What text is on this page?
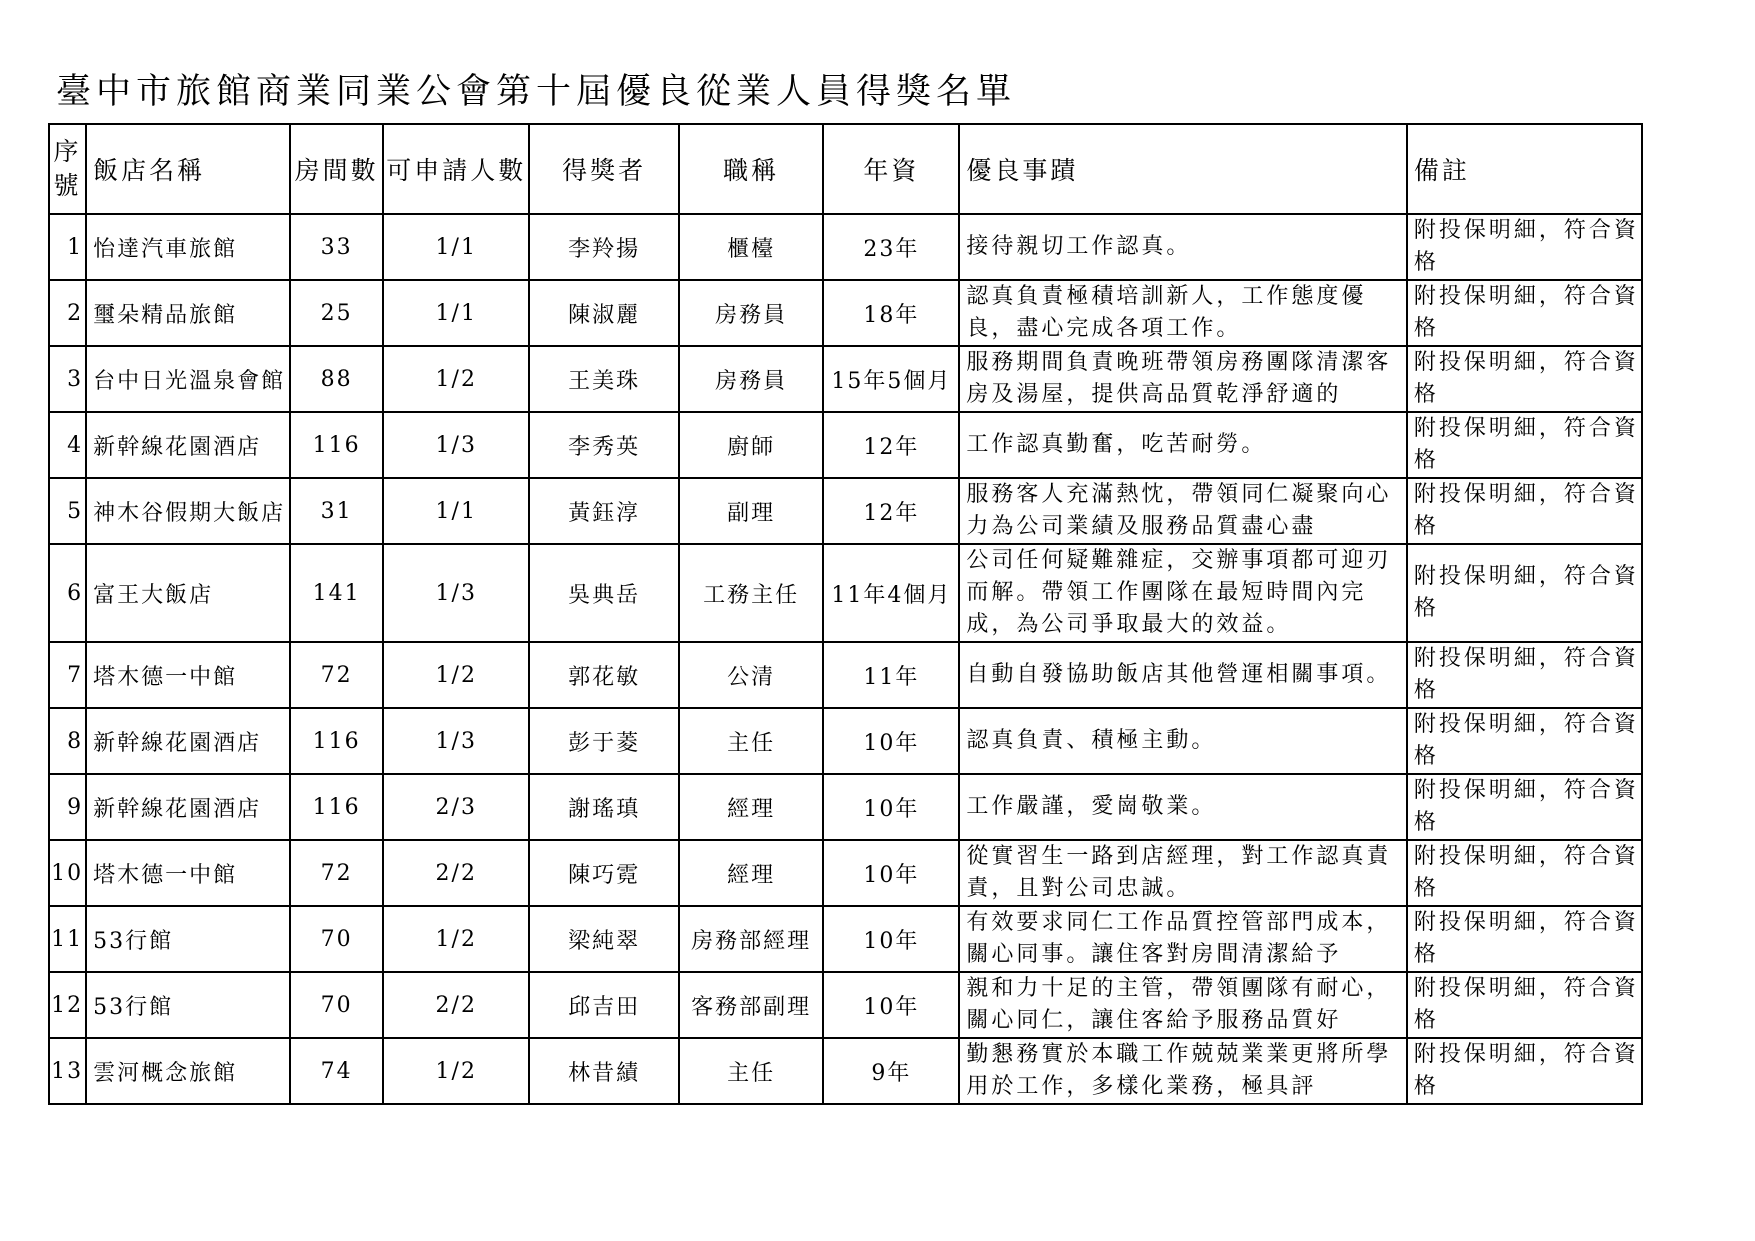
臺中市旅館商業同業公會第十屆優良從業人員得獎名單
序號	飯店名稱	房間數	可申請人數	得獎者	職稱	年資	優良事蹟	備註
1	怡達汽車旅館	33	1/1	李羚揚	櫃檯	23年	接待親切工作認真。	附投保明細，符合資格

2	璽朵精品旅館	25	1/1	陳淑麗	房務員	18年	認真負責極積培訓新人，工作態度優良，盡心完成各項工作。	附投保明細，符合資格

3	台中日光溫泉會館	88	1/2	王美珠	房務員	15年5個月	服務期間負責晚班帶領房務團隊清潔客房及湯屋，提供高品質乾淨舒適的	附投保明細，符合資格

4	新幹線花園酒店	116	1/3	李秀英	廚師	12年	工作認真勤奮，吃苦耐勞。	附投保明細，符合資格

5	神木谷假期大飯店	31	1/1	黃鈺淳	副理	12年	服務客人充滿熱忱，帶領同仁凝聚向心力為公司業績及服務品質盡心盡	附投保明細，符合資格

6	富王大飯店	141	1/3	吳典岳	工務主任	11年4個月	公司任何疑難雜症，交辦事項都可迎刃而解。帶領工作團隊在最短時間內完成，為公司爭取最大的效益。	附投保明細，符合資格

7	塔木德一中館	72	1/2	郭花敏	公清	11年	自動自發協助飯店其他營運相關事項。	附投保明細，符合資格

8	新幹線花園酒店	116	1/3	彭于菱	主任	10年	認真負責、積極主動。	附投保明細，符合資格

9	新幹線花園酒店	116	2/3	謝瑤瑱	經理	10年	工作嚴謹，愛崗敬業。	附投保明細，符合資格

10	塔木德一中館	72	2/2	陳巧霓	經理	10年	從實習生一路到店經理，對工作認真責責，且對公司忠誠。	附投保明細，符合資格

11	53行館	70	1/2	梁純翠	房務部經理	10年	有效要求同仁工作品質控管部門成本，關心同事。讓住客對房間清潔給予	附投保明細，符合資格

12	53行館	70	2/2	邱吉田	客務部副理	10年	親和力十足的主管，帶領團隊有耐心，關心同仁，讓住客給予服務品質好	附投保明細，符合資格

13	雲河概念旅館	74	1/2	林昔績	主任	9年	勤懇務實於本職工作兢兢業業更將所學用於工作，多樣化業務，極具評	附投保明細，符合資格
